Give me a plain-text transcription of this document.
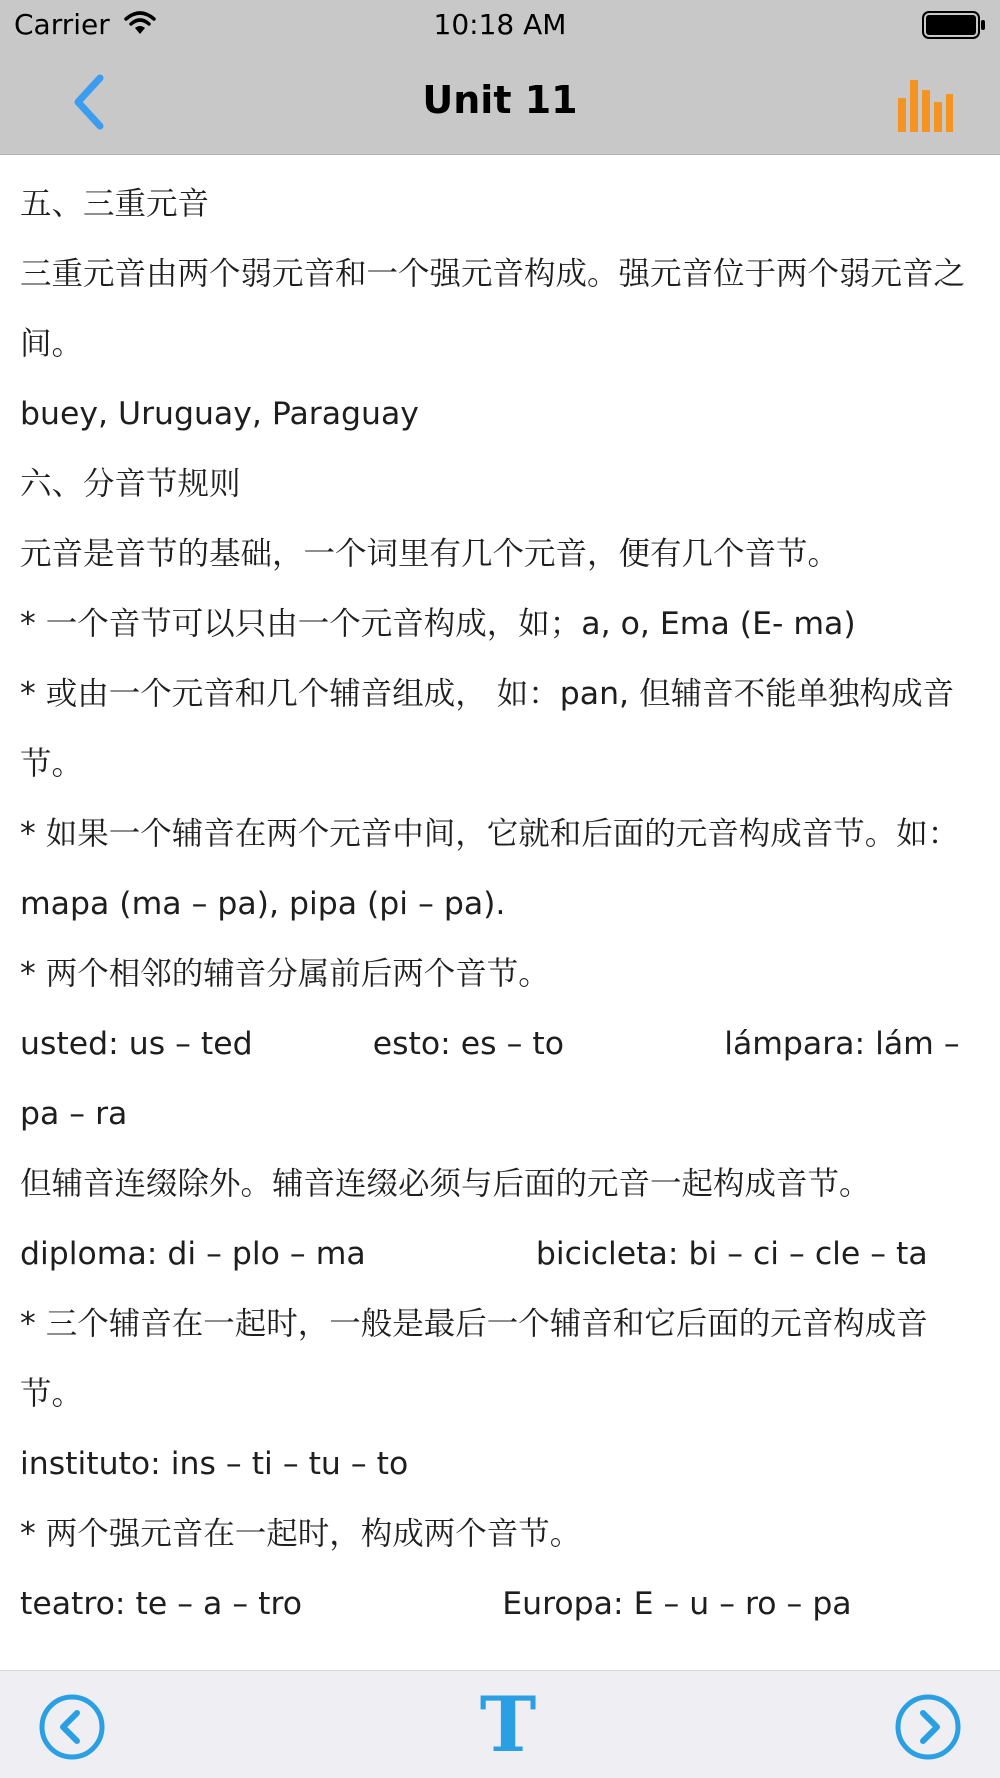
Carrier	10:18 AM
Unit 11

五、三重元音

三重元音由两个弱元音和一个强元音构成。强元音位于两个弱元音之间。

buey, Uruguay, Paraguay

六、分音节规则

元音是音节的基础，一个词里有几个元音，便有几个音节。

* 一个音节可以只由一个元音构成，如；a, o, Ema (E- ma)

* 或由一个元音和几个辅音组成， 如：pan, 但辅音不能单独构成音节。

* 如果一个辅音在两个元音中间，它就和后面的元音构成音节。如：mapa (ma – pa), pipa (pi – pa).

* 两个相邻的辅音分属前后两个音节。

usted: us – ted            esto: es – to                lámpara: lám – pa – ra

但辅音连缀除外。辅音连缀必须与后面的元音一起构成音节。

diploma: di – plo – ma                 bicicleta: bi – ci – cle – ta

* 三个辅音在一起时，一般是最后一个辅音和它后面的元音构成音节。

instituto: ins – ti – tu – to

* 两个强元音在一起时，构成两个音节。

teatro: te – a – tro                    Europa: E – u – ro – pa

T
